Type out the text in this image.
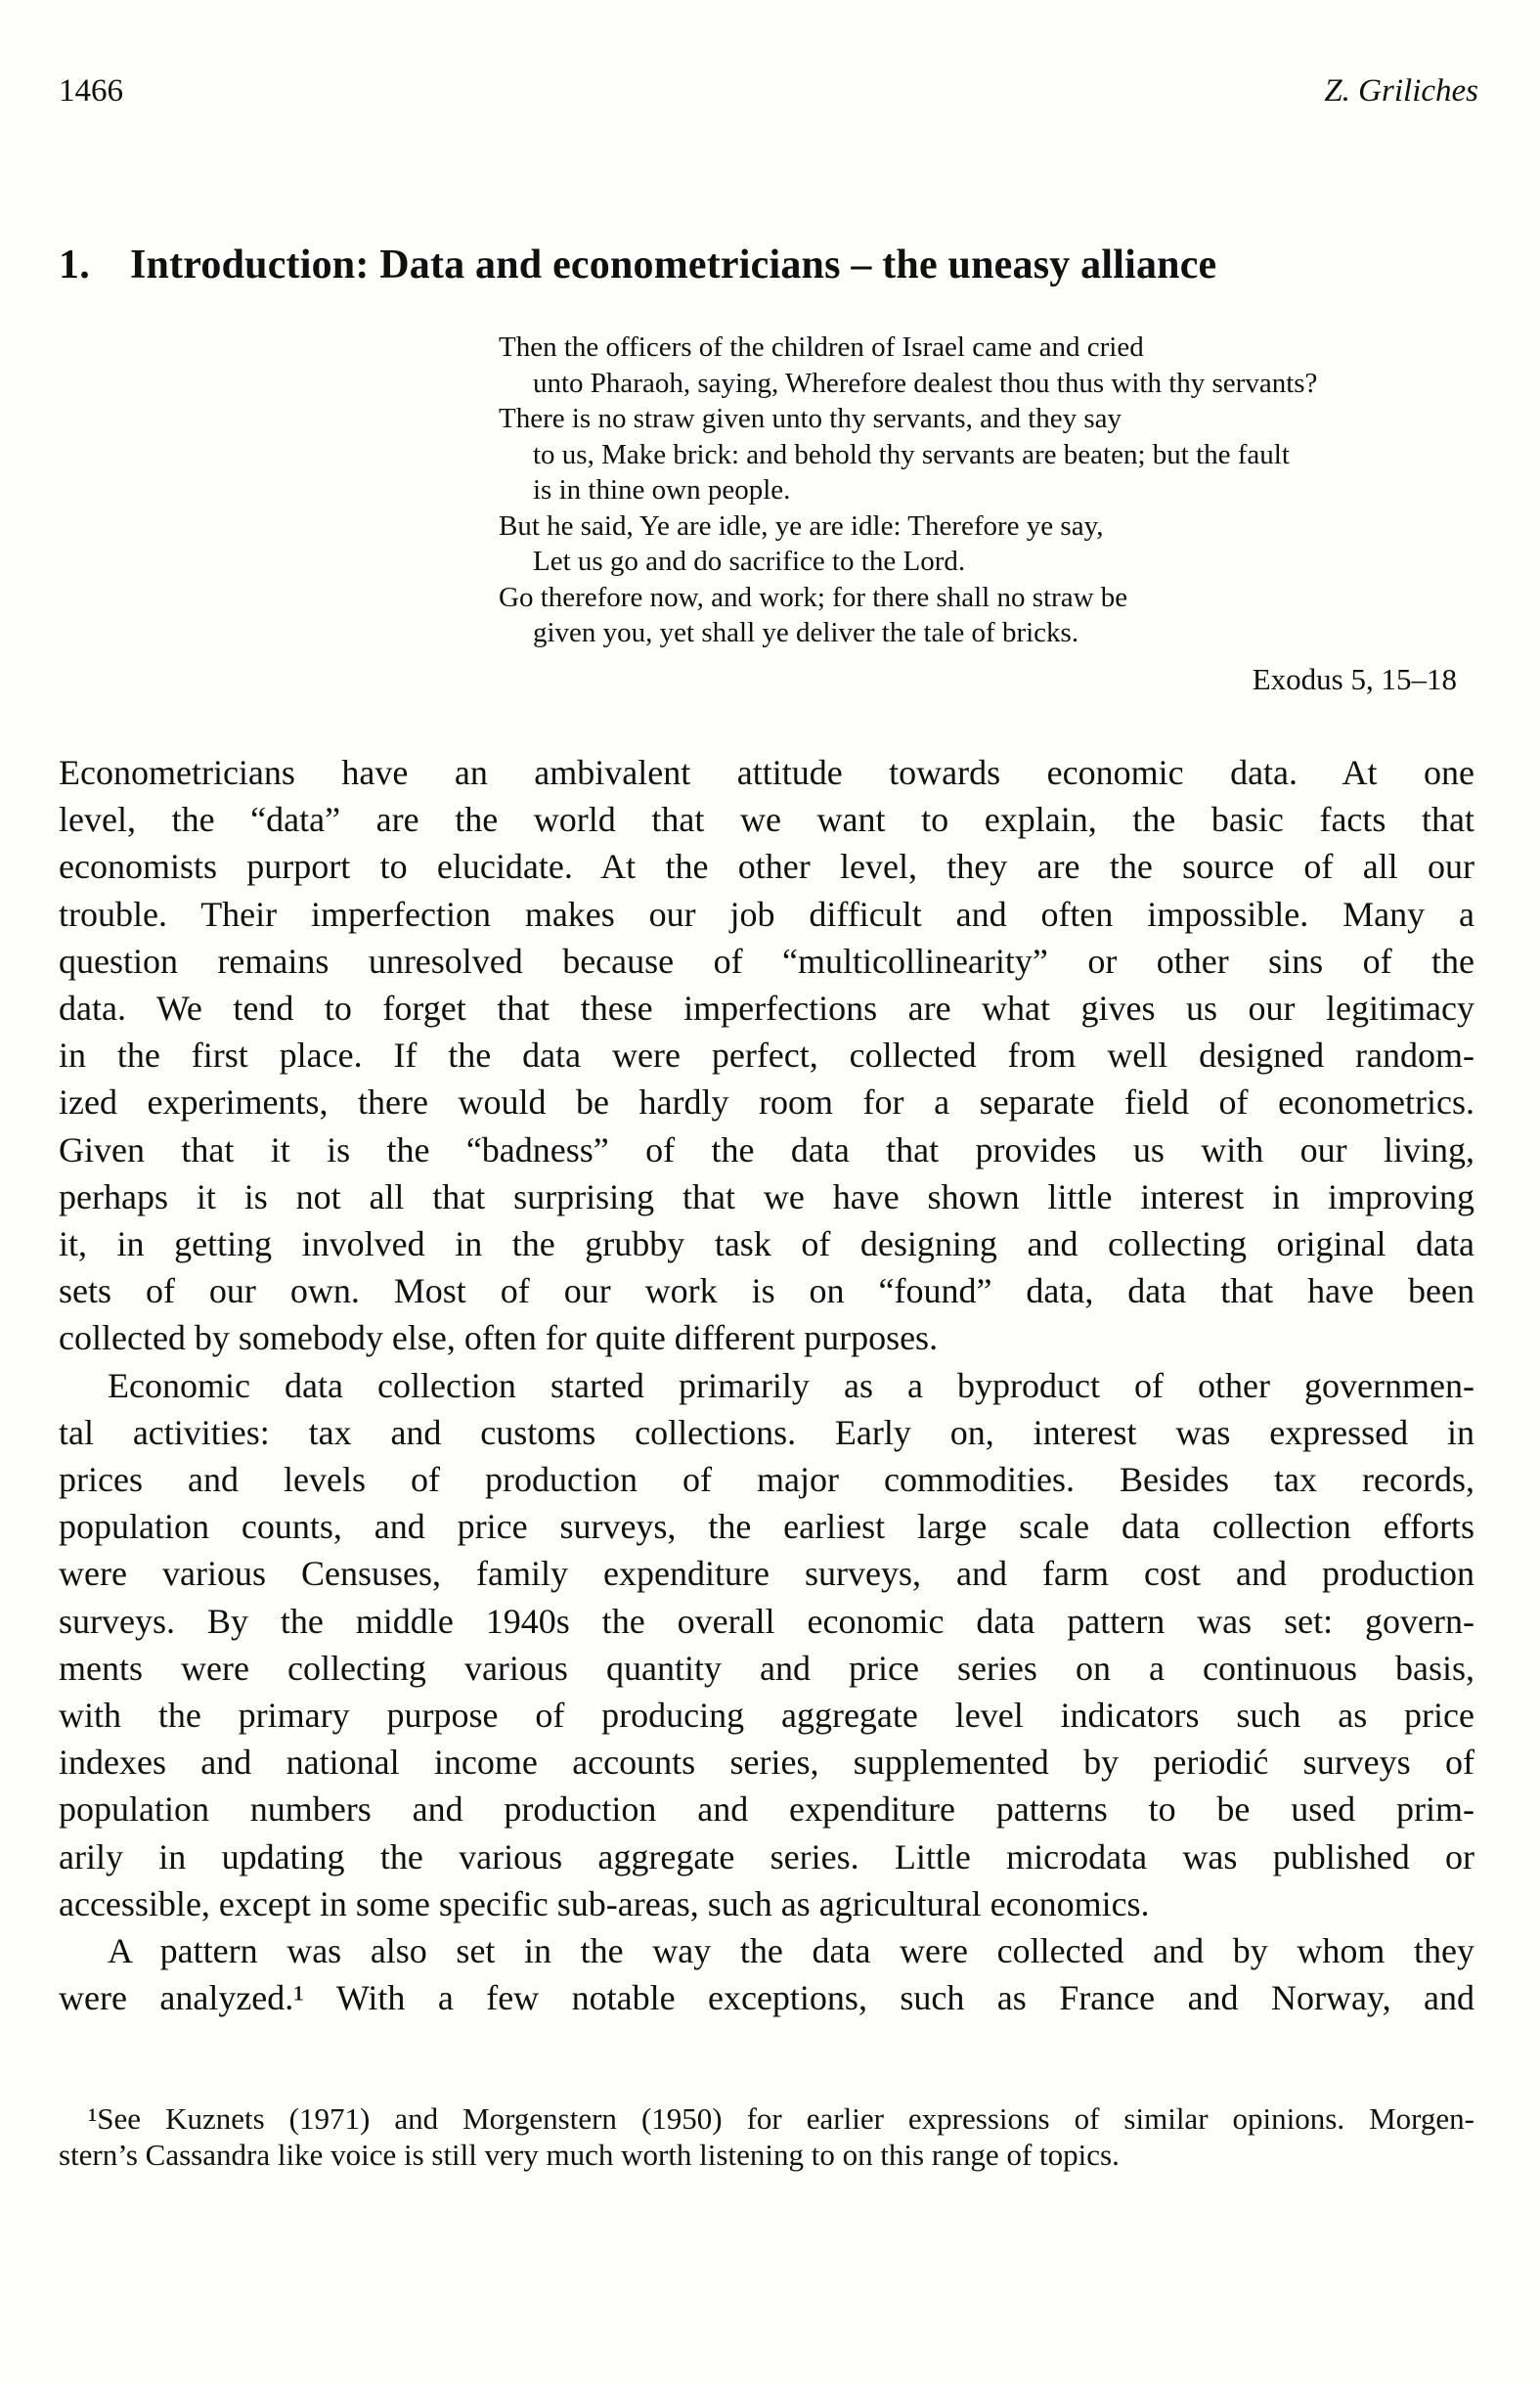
1466	Z. Griliches
1. Introduction: Data and econometricians – the uneasy alliance
Then the officers of the children of Israel came and cried
unto Pharaoh, saying, Wherefore dealest thou thus with thy servants?
There is no straw given unto thy servants, and they say
to us, Make brick: and behold thy servants are beaten; but the fault
is in thine own people.
But he said, Ye are idle, ye are idle: Therefore ye say,
Let us go and do sacrifice to the Lord.
Go therefore now, and work; for there shall no straw be
given you, yet shall ye deliver the tale of bricks.
Exodus 5, 15–18
Econometricians have an ambivalent attitude towards economic data. At one
level, the “data” are the world that we want to explain, the basic facts that
economists purport to elucidate. At the other level, they are the source of all our
trouble. Their imperfection makes our job difficult and often impossible. Many a
question remains unresolved because of “multicollinearity” or other sins of the
data. We tend to forget that these imperfections are what gives us our legitimacy
in the first place. If the data were perfect, collected from well designed random-
ized experiments, there would be hardly room for a separate field of econometrics.
Given that it is the “badness” of the data that provides us with our living,
perhaps it is not all that surprising that we have shown little interest in improving
it, in getting involved in the grubby task of designing and collecting original data
sets of our own. Most of our work is on “found” data, data that have been
collected by somebody else, often for quite different purposes.
Economic data collection started primarily as a byproduct of other governmen-
tal activities: tax and customs collections. Early on, interest was expressed in
prices and levels of production of major commodities. Besides tax records,
population counts, and price surveys, the earliest large scale data collection efforts
were various Censuses, family expenditure surveys, and farm cost and production
surveys. By the middle 1940s the overall economic data pattern was set: govern-
ments were collecting various quantity and price series on a continuous basis,
with the primary purpose of producing aggregate level indicators such as price
indexes and national income accounts series, supplemented by periodić surveys of
population numbers and production and expenditure patterns to be used prim-
arily in updating the various aggregate series. Little microdata was published or
accessible, except in some specific sub-areas, such as agricultural economics.
A pattern was also set in the way the data were collected and by whom they
were analyzed.¹ With a few notable exceptions, such as France and Norway, and
¹See Kuznets (1971) and Morgenstern (1950) for earlier expressions of similar opinions. Morgen-
stern’s Cassandra like voice is still very much worth listening to on this range of topics.
